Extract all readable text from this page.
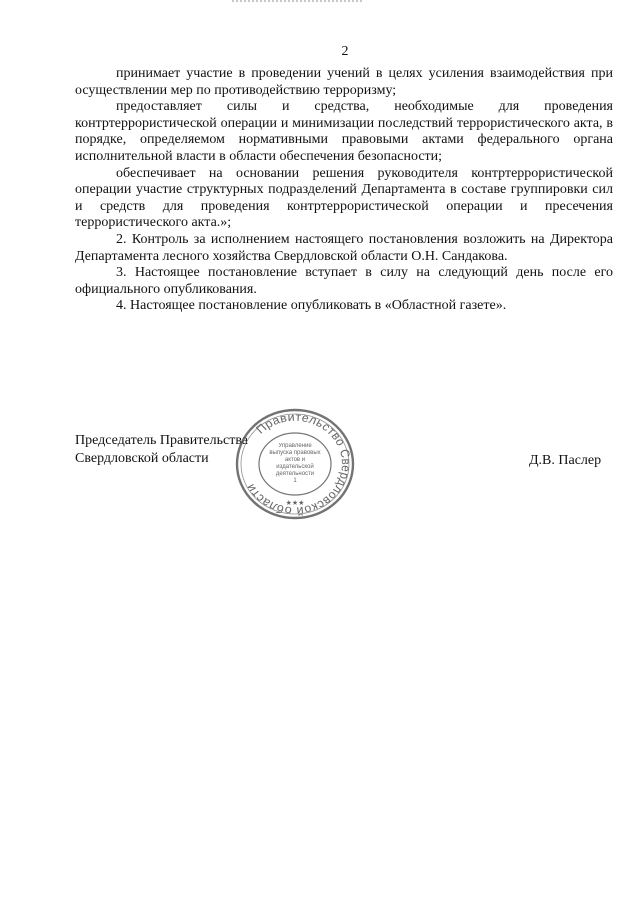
2

принимает участие в проведении учений в целях усиления взаимодействия при осуществлении мер по противодействию терроризму;

предоставляет силы и средства, необходимые для проведения контртеррористической операции и минимизации последствий террористического акта, в порядке, определяемом нормативными правовыми актами федерального органа исполнительной власти в области обеспечения безопасности;

обеспечивает на основании решения руководителя контртеррористической операции участие структурных подразделений Департамента в составе группировки сил и средств для проведения контртеррористической операции и пресечения террористического акта.»;

2. Контроль за исполнением настоящего постановления возложить на Директора Департамента лесного хозяйства Свердловской области О.Н. Сандакова.

3. Настоящее постановление вступает в силу на следующий день после его официального опубликования.

4. Настоящее постановление опубликовать в «Областной газете».

Председатель Правительства
Свердловской области
Правительство Свердловской области
Управление выпуска правовых актов и издательской деятельности
1
★★★
Д.В. Паслер
